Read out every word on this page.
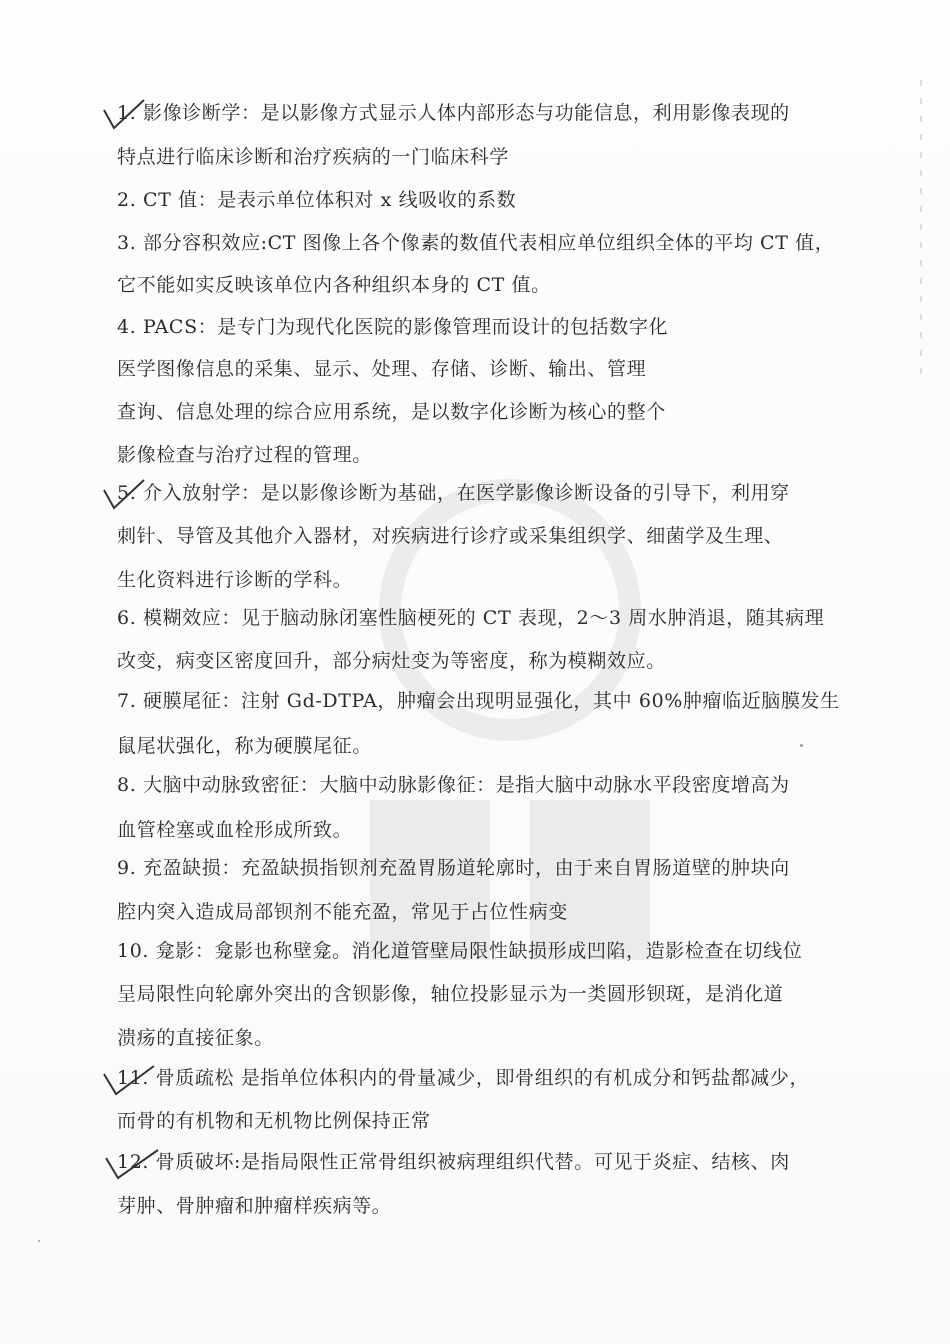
1. 影像诊断学：是以影像方式显示人体内部形态与功能信息，利用影像表现的
特点进行临床诊断和治疗疾病的一门临床科学
2. CT 值：是表示单位体积对 x 线吸收的系数
3. 部分容积效应:CT 图像上各个像素的数值代表相应单位组织全体的平均 CT 值，
它不能如实反映该单位内各种组织本身的 CT 值。
4. PACS：是专门为现代化医院的影像管理而设计的包括数字化
医学图像信息的采集、显示、处理、存储、诊断、输出、管理
查询、信息处理的综合应用系统，是以数字化诊断为核心的整个
影像检查与治疗过程的管理。
5. 介入放射学：是以影像诊断为基础，在医学影像诊断设备的引导下，利用穿
刺针、导管及其他介入器材，对疾病进行诊疗或采集组织学、细菌学及生理、
生化资料进行诊断的学科。
6. 模糊效应：见于脑动脉闭塞性脑梗死的 CT 表现，2～3 周水肿消退，随其病理
改变，病变区密度回升，部分病灶变为等密度，称为模糊效应。
7. 硬膜尾征：注射 Gd-DTPA，肿瘤会出现明显强化，其中 60%肿瘤临近脑膜发生
鼠尾状强化，称为硬膜尾征。
8. 大脑中动脉致密征：大脑中动脉影像征：是指大脑中动脉水平段密度增高为
血管栓塞或血栓形成所致。
9. 充盈缺损：充盈缺损指钡剂充盈胃肠道轮廓时，由于来自胃肠道壁的肿块向
腔内突入造成局部钡剂不能充盈，常见于占位性病变
10. 龛影：龛影也称壁龛。消化道管壁局限性缺损形成凹陷，造影检查在切线位
呈局限性向轮廓外突出的含钡影像，轴位投影显示为一类圆形钡斑，是消化道
溃疡的直接征象。
11. 骨质疏松 是指单位体积内的骨量减少，即骨组织的有机成分和钙盐都减少，
而骨的有机物和无机物比例保持正常
12. 骨质破坏:是指局限性正常骨组织被病理组织代替。可见于炎症、结核、肉
芽肿、骨肿瘤和肿瘤样疾病等。
